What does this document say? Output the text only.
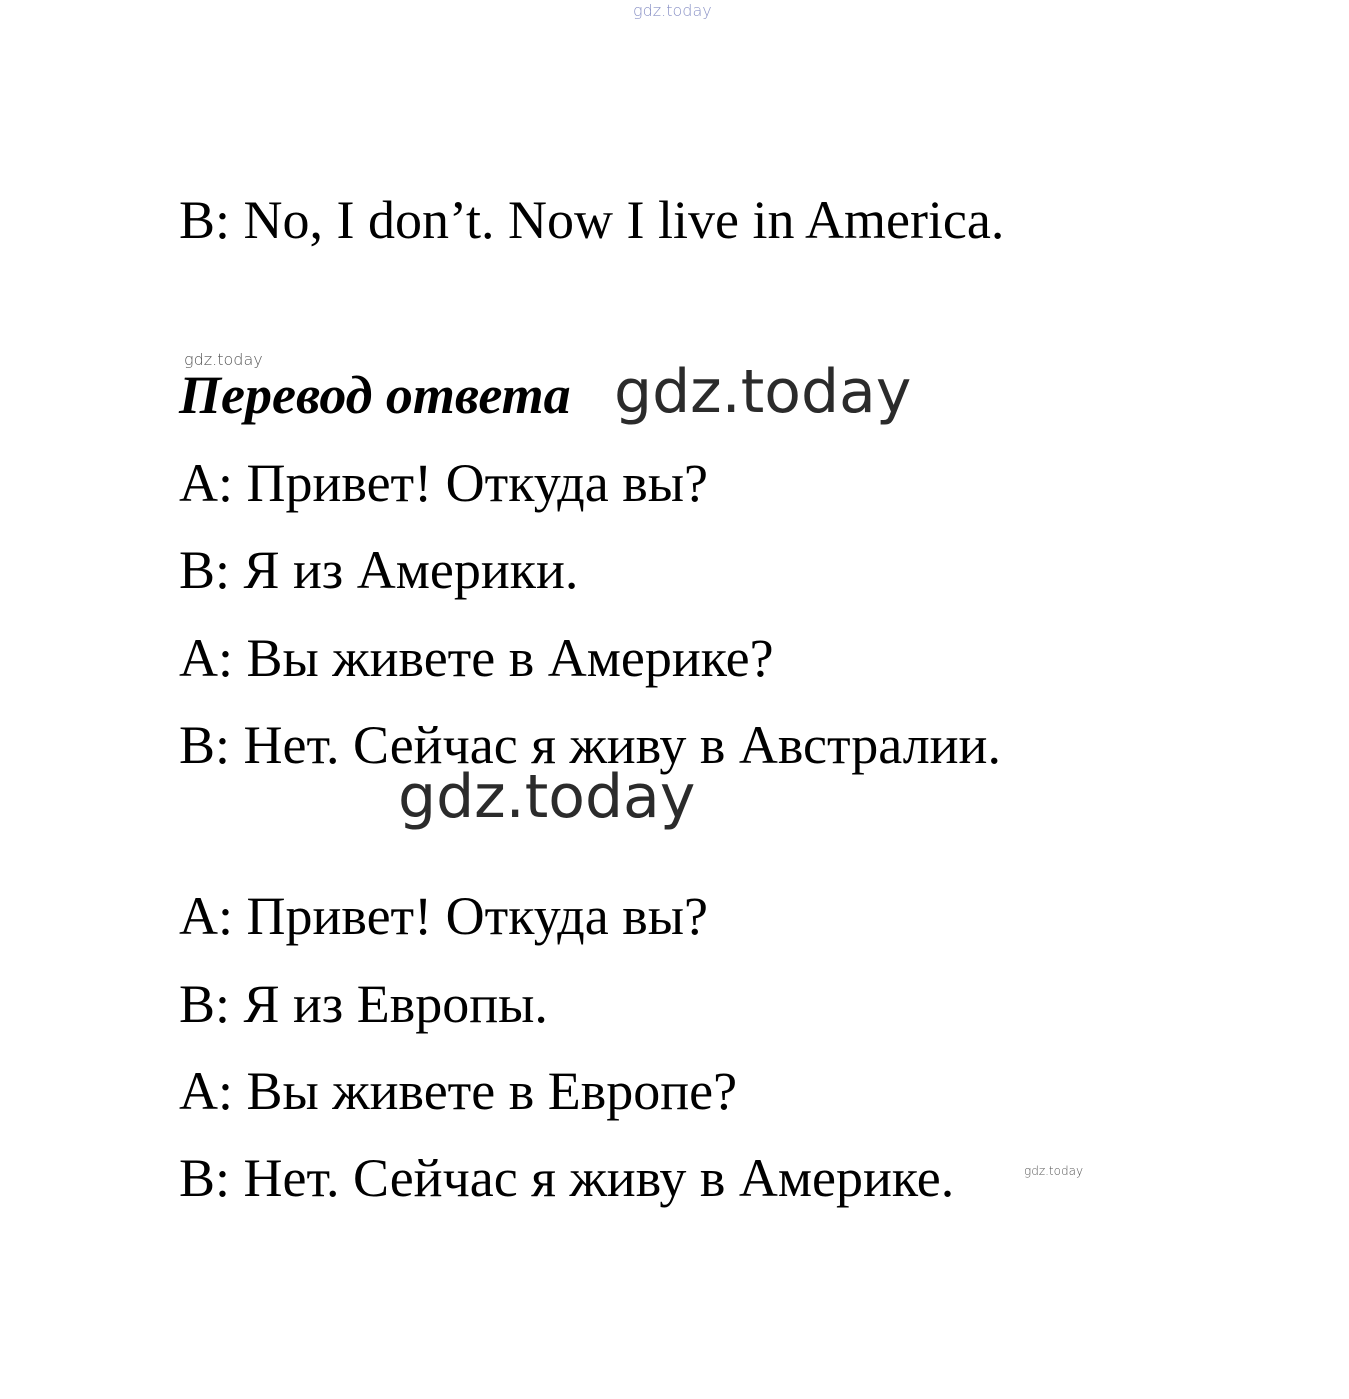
gdz.today
B: No, I don’t. Now I live in America.
gdz.today
Перевод ответа gdz.today
A: Привет! Откуда вы?
B: Я из Америки.
A: Вы живете в Америке?
B: Нет. Сейчас я живу в Австралии.
gdz.today
A: Привет! Откуда вы?
B: Я из Европы.
A: Вы живете в Европе?
B: Нет. Сейчас я живу в Америке.	gdz.today
